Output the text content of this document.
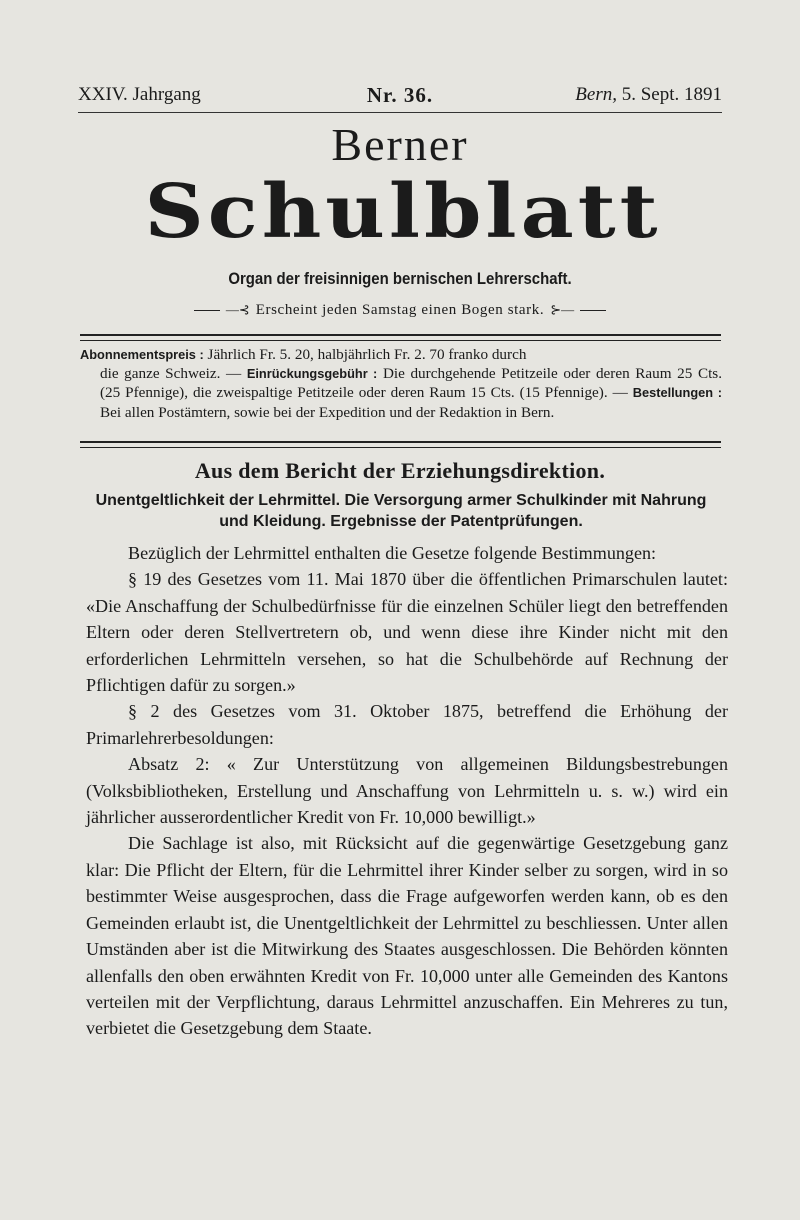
XXIV. Jahrgang	Nr. 36.	Bern, 5. Sept. 1891
Berner
Schulblatt
Organ der freisinnigen bernischen Lehrerschaft.
—⊰ Erscheint jeden Samstag einen Bogen stark. ⊱—
Abonnementspreis : Jährlich Fr. 5. 20, halbjährlich Fr. 2. 70 franko durch
die ganze Schweiz. — Einrückungsgebühr : Die durchgehende Petitzeile oder deren Raum 25 Cts. (25 Pfennige), die zweispaltige Petitzeile oder deren Raum 15 Cts. (15 Pfennige). — Bestellungen : Bei allen Postämtern, sowie bei der Expedition und der Redaktion in Bern.
Aus dem Bericht der Erziehungsdirektion.
Unentgeltlichkeit der Lehrmittel. Die Versorgung armer Schulkinder mit Nahrung und Kleidung. Ergebnisse der Patentprüfungen.

Bezüglich der Lehrmittel enthalten die Gesetze folgende Bestimmungen:

§ 19 des Gesetzes vom 11. Mai 1870 über die öffentlichen Primarschulen lautet: «Die Anschaffung der Schulbedürfnisse für die einzelnen Schüler liegt den betreffenden Eltern oder deren Stellvertretern ob, und wenn diese ihre Kinder nicht mit den erforderlichen Lehrmitteln versehen, so hat die Schulbehörde auf Rechnung der Pflichtigen dafür zu sorgen.»

§ 2 des Gesetzes vom 31. Oktober 1875, betreffend die Erhöhung der Primarlehrerbesoldungen:

Absatz 2: « Zur Unterstützung von allgemeinen Bildungsbestrebungen (Volksbibliotheken, Erstellung und Anschaffung von Lehrmitteln u. s. w.) wird ein jährlicher ausserordentlicher Kredit von Fr. 10,000 bewilligt.»

Die Sachlage ist also, mit Rücksicht auf die gegenwärtige Gesetzgebung ganz klar: Die Pflicht der Eltern, für die Lehrmittel ihrer Kinder selber zu sorgen, wird in so bestimmter Weise ausgesprochen, dass die Frage aufgeworfen werden kann, ob es den Gemeinden erlaubt ist, die Unentgeltlichkeit der Lehrmittel zu beschliessen. Unter allen Umständen aber ist die Mitwirkung des Staates ausgeschlossen. Die Behörden könnten allenfalls den oben erwähnten Kredit von Fr. 10,000 unter alle Gemeinden des Kantons verteilen mit der Verpflichtung, daraus Lehrmittel anzuschaffen. Ein Mehreres zu tun, verbietet die Gesetzgebung dem Staate.
